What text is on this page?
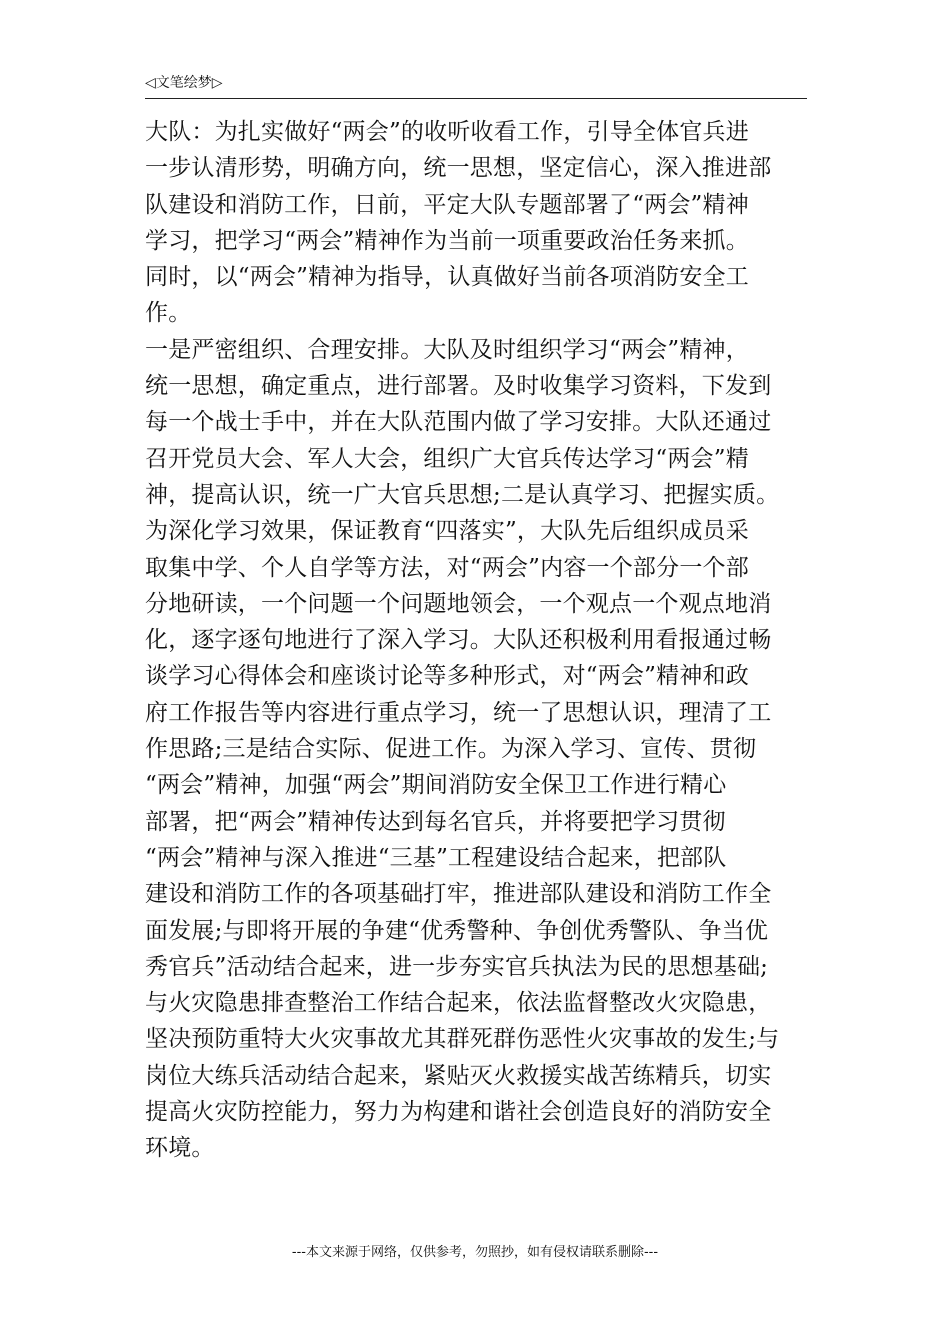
◁文笔绘梦▷
大队：为扎实做好“两会”的收听收看工作，引导全体官兵进
一步认清形势，明确方向，统一思想，坚定信心，深入推进部
队建设和消防工作，日前，平定大队专题部署了“两会”精神
学习，把学习“两会”精神作为当前一项重要政治任务来抓。
同时，以“两会”精神为指导，认真做好当前各项消防安全工
作。
一是严密组织、合理安排。大队及时组织学习“两会”精神，
统一思想，确定重点，进行部署。及时收集学习资料，下发到
每一个战士手中，并在大队范围内做了学习安排。大队还通过
召开党员大会、军人大会，组织广大官兵传达学习“两会”精
神，提高认识，统一广大官兵思想;二是认真学习、把握实质。
为深化学习效果，保证教育“四落实”，大队先后组织成员采
取集中学、个人自学等方法，对“两会”内容一个部分一个部
分地研读，一个问题一个问题地领会，一个观点一个观点地消
化，逐字逐句地进行了深入学习。大队还积极利用看报通过畅
谈学习心得体会和座谈讨论等多种形式，对“两会”精神和政
府工作报告等内容进行重点学习，统一了思想认识，理清了工
作思路;三是结合实际、促进工作。为深入学习、宣传、贯彻
“两会”精神，加强“两会”期间消防安全保卫工作进行精心
部署，把“两会”精神传达到每名官兵，并将要把学习贯彻
“两会”精神与深入推进“三基”工程建设结合起来，把部队
建设和消防工作的各项基础打牢，推进部队建设和消防工作全
面发展;与即将开展的争建“优秀警种、争创优秀警队、争当优
秀官兵”活动结合起来，进一步夯实官兵执法为民的思想基础;
与火灾隐患排查整治工作结合起来，依法监督整改火灾隐患，
坚决预防重特大火灾事故尤其群死群伤恶性火灾事故的发生;与
岗位大练兵活动结合起来，紧贴灭火救援实战苦练精兵，切实
提高火灾防控能力，努力为构建和谐社会创造良好的消防安全
环境。
---本文来源于网络，仅供参考，勿照抄，如有侵权请联系删除---
